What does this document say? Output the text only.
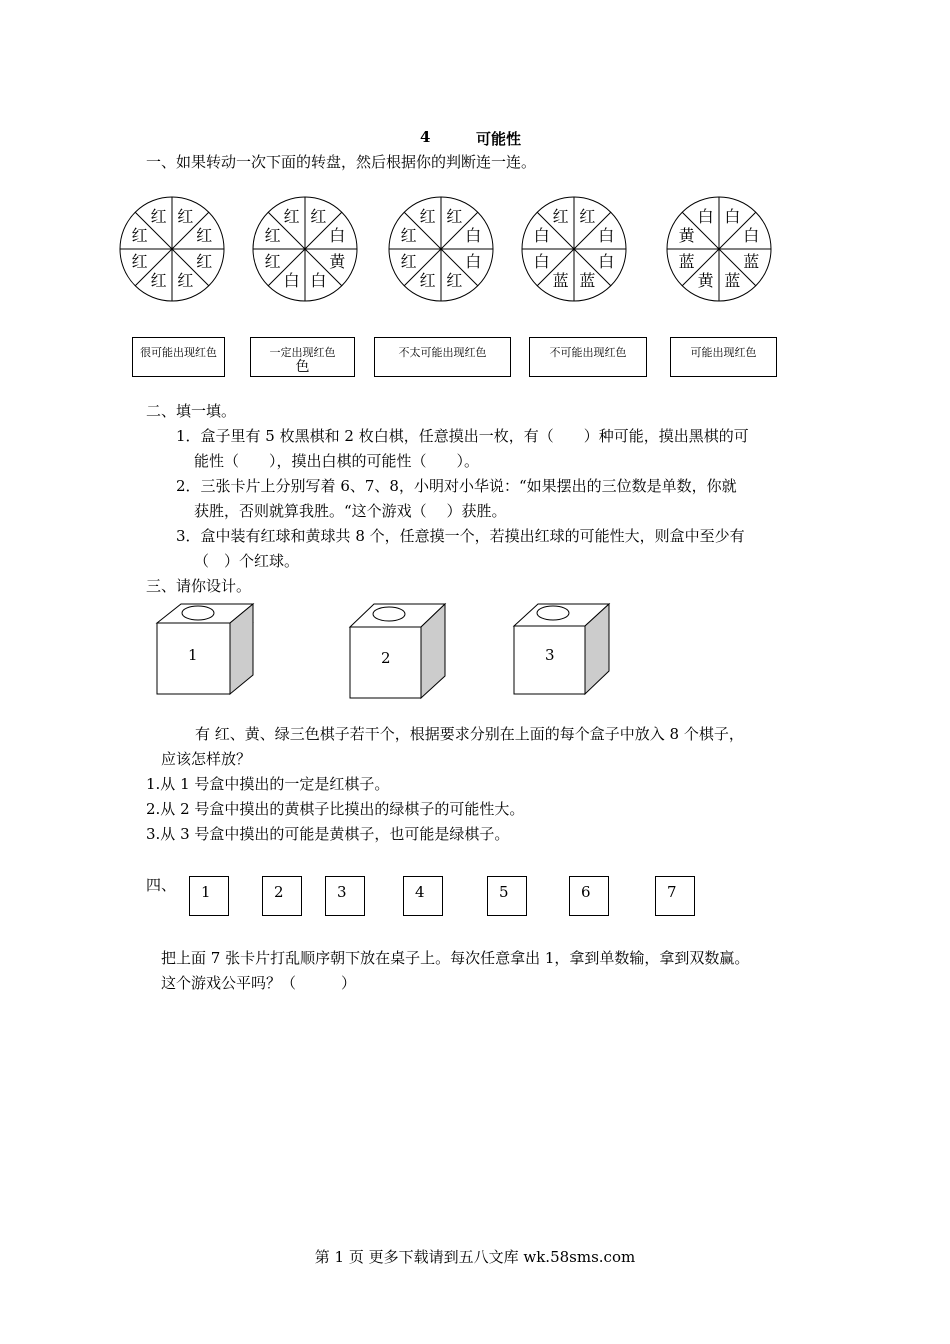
4	可能性
一、如果转动一次下面的转盘，然后根据你的判断连一连。
红
红
红
红
红
红
红
红	红
白
黄
白
白
红
红
红	红
白
白
红
红
红
红
红	红
白
白
蓝
蓝
白
白
红	白
白
蓝
蓝
黄
蓝
黄
白
很可能出现红色	一定出现红色
色
不太可能出现红色	不可能出现红色	可能出现红色
二、填一填。
1．盒子里有 5 枚黑棋和 2 枚白棋，任意摸出一枚，有（　　）种可能，摸出黑棋的可
能性（　　），摸出白棋的可能性（　　）。
2．三张卡片上分别写着 6、7、8，小明对小华说：“如果摆出的三位数是单数，你就
获胜，否则就算我胜。“这个游戏（　 ）获胜。
3．盒中装有红球和黄球共 8 个，任意摸一个，若摸出红球的可能性大，则盒中至少有
（　）个红球。
三、请你设计。
1	2	3
有 红、黄、绿三色棋子若干个，根据要求分别在上面的每个盒子中放入 8 个棋子，
应该怎样放？
1.从 1 号盒中摸出的一定是红棋子。
2.从 2 号盒中摸出的黄棋子比摸出的绿棋子的可能性大。
3.从 3 号盒中摸出的可能是黄棋子，也可能是绿棋子。
四、	1	2	3	4	5	6	7
把上面 7 张卡片打乱顺序朝下放在桌子上。每次任意拿出 1，拿到单数输，拿到双数赢。
这个游戏公平吗？（　　　）
第 1 页 更多下载请到五八文库 wk.58sms.com
